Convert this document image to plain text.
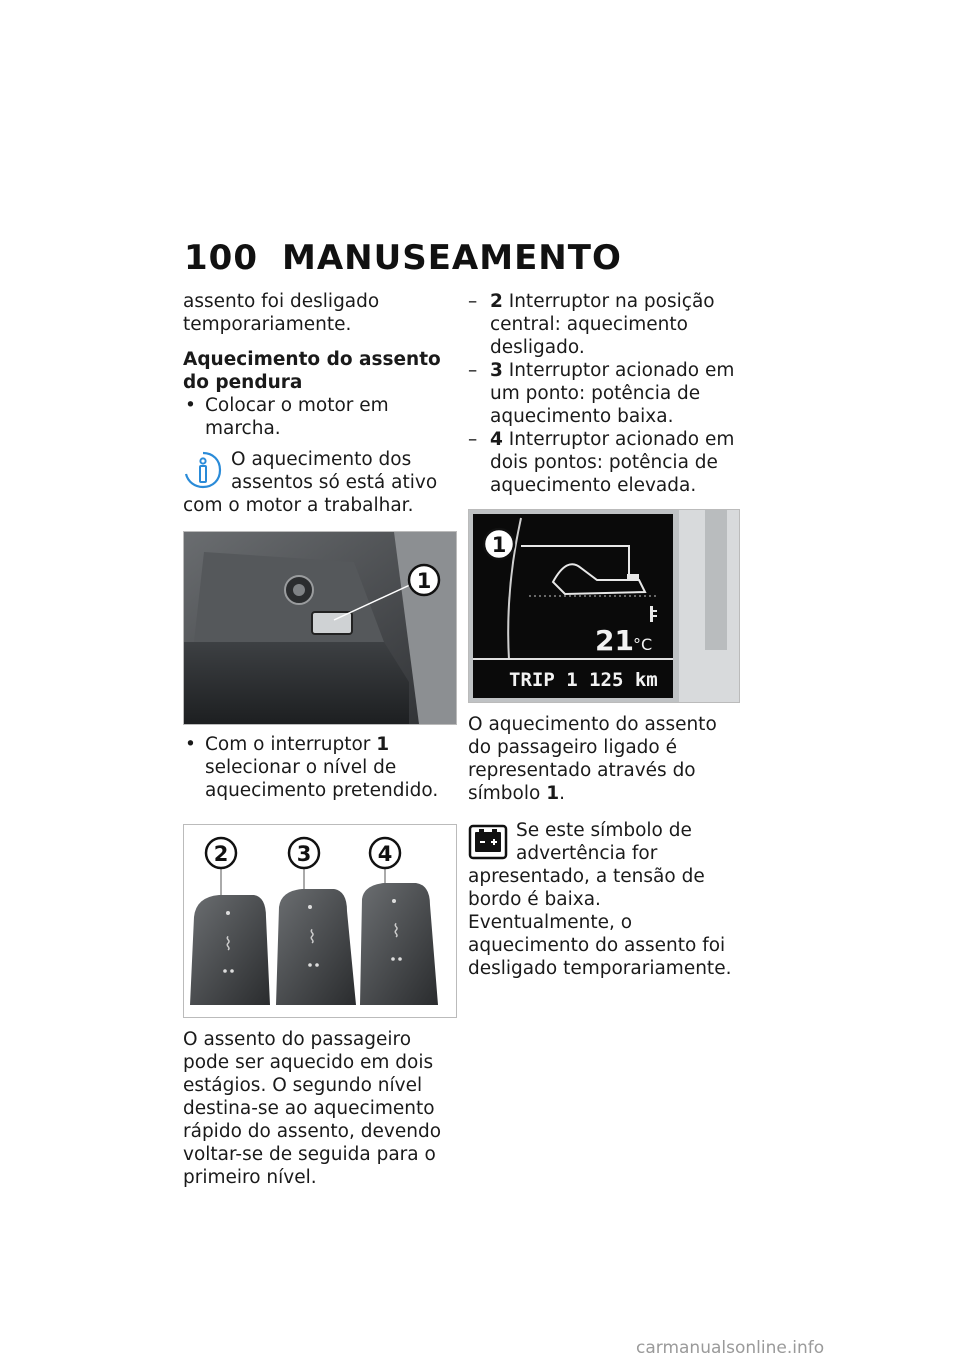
100 MANUSEAMENTO

assento foi desligado temporariamente.

Aquecimento do assento do pendura

• Colocar o motor em marcha.

O aquecimento dos assentos só está ativo com o motor a trabalhar.

1

• Com o interruptor 1 selecionar o nível de aquecimento pretendido.

⌇
2
⌇
3
⌇
4

O assento do passageiro pode ser aquecido em dois estágios. O segundo nível destina-se ao aquecimento rápido do assento, devendo voltar-se de seguida para o primeiro nível.

– 2 Interruptor na posição central: aquecimento desligado.

– 3 Interruptor acionado em um ponto: potência de aquecimento baixa.

– 4 Interruptor acionado em dois pontos: potência de aquecimento elevada.

21 °C
TRIP 1 125 km
1

O aquecimento do assento do passageiro ligado é representado através do símbolo 1.

Se este símbolo de advertência for apresentado, a tensão de bordo é baixa. Eventualmente, o aquecimento do assento foi desligado temporariamente.

carmanualsonline.info
